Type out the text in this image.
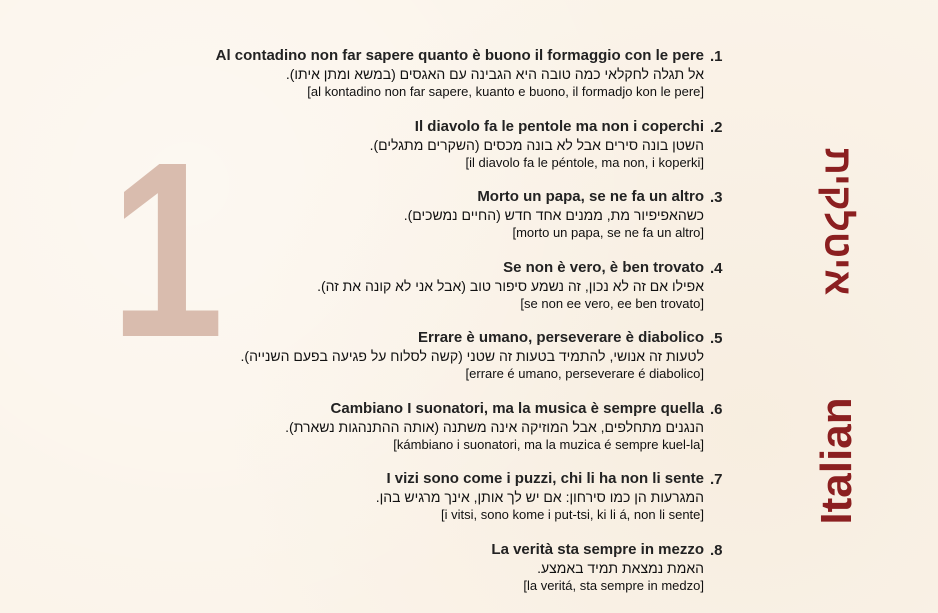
1
.1
Al contadino non far sapere quanto è buono il formaggio con le pere
אל תגלה לחקלאי כמה טובה היא הגבינה עם האגסים (במשא ומתן איתו).
[al kontadino non far sapere, kuanto e buono, il formadjo kon le pere]
.2
Il diavolo fa le pentole ma non i coperchi
השטן בונה סירים אבל לא בונה מכסים (השקרים מתגלים).
[il diavolo fa le péntole, ma non, i koperki]
.3
Morto un papa, se ne fa un altro
כשהאפיפיור מת, ממנים אחד חדש (החיים נמשכים).
[morto un papa, se ne fa un altro]
.4
Se non è vero, è ben trovato
אפילו אם זה לא נכון, זה נשמע סיפור טוב (אבל אני לא קונה את זה).
[se non ee vero, ee ben trovato]
.5
Errare è umano, perseverare è diabolico
לטעות זה אנושי, להתמיד בטעות זה שטני (קשה לסלוח על פגיעה בפעם השנייה).
[errare é umano, perseverare é diabolico]
.6
Cambiano I suonatori, ma la musica è sempre quella
הנגנים מתחלפים, אבל המוזיקה אינה משתנה (אותה ההתנהגות נשארת).
[kámbiano i suonatori, ma la muzica é sempre kuel-la]
.7
I vizi sono come i puzzi, chi li ha non li sente
המגרעות הן כמו סירחון: אם יש לך אותן, אינך מרגיש בהן.
[i vitsi, sono kome i put-tsi, ki li á, non li sente]
.8
La verità sta sempre in mezzo
האמת נמצאת תמיד באמצע.
[la veritá, sta sempre in medzo]
איטלקית
Italian
